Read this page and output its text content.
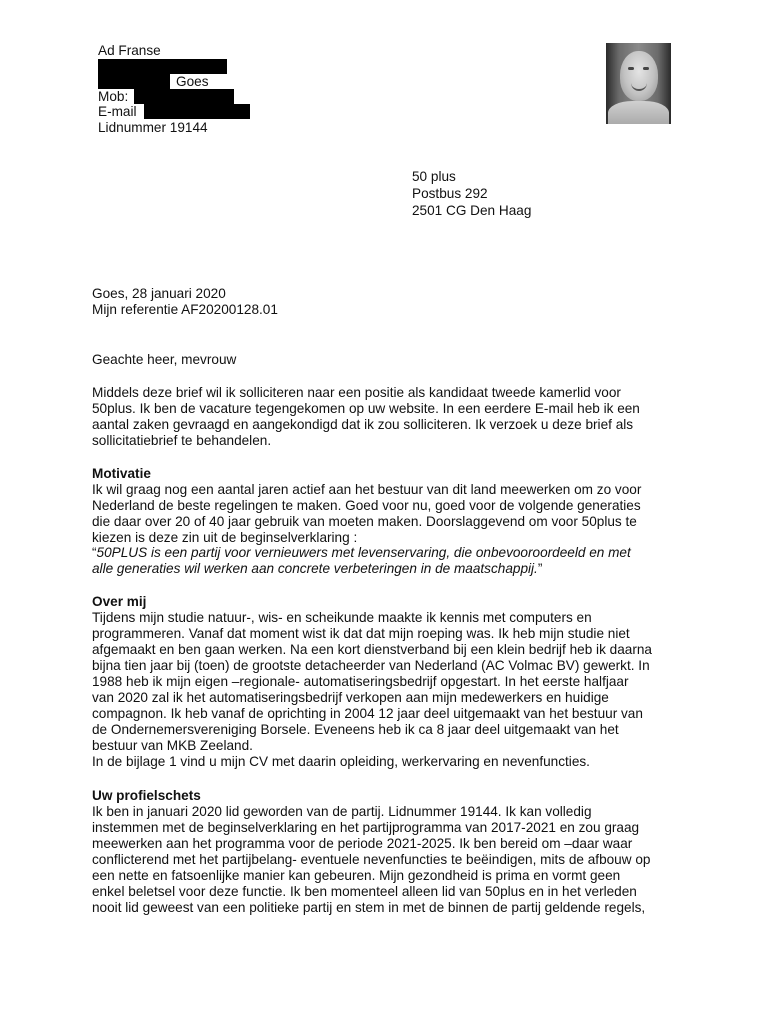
Ad Franse
Goes
Mob:
E-mail
Lidnummer 19144
50 plus
Postbus 292
2501 CG Den Haag
Goes, 28 januari 2020
Mijn referentie AF20200128.01
Geachte heer, mevrouw
Middels deze brief wil ik solliciteren naar een positie als kandidaat tweede kamerlid voor
50plus. Ik ben de vacature tegengekomen op uw website. In een eerdere E-mail heb ik een
aantal zaken gevraagd en aangekondigd dat ik zou solliciteren. Ik verzoek u deze brief als
sollicitatiebrief te behandelen.
Motivatie
Ik wil graag nog een aantal jaren actief aan het bestuur van dit land meewerken om zo voor
Nederland de beste regelingen te maken. Goed voor nu, goed voor de volgende generaties
die daar over 20 of 40 jaar gebruik van moeten maken. Doorslaggevend om voor 50plus te
kiezen is deze zin uit de beginselverklaring :
“50PLUS is een partij voor vernieuwers met levenservaring, die onbevooroordeeld en met
alle generaties wil werken aan concrete verbeteringen in de maatschappij.”
Over mij
Tijdens mijn studie natuur-, wis- en scheikunde maakte ik kennis met computers en
programmeren. Vanaf dat moment wist ik dat dat mijn roeping was. Ik heb mijn studie niet
afgemaakt en ben gaan werken. Na een kort dienstverband bij een klein bedrijf heb ik daarna
bijna tien jaar bij (toen) de grootste detacheerder van Nederland (AC Volmac BV) gewerkt. In
1988 heb ik mijn eigen –regionale- automatiseringsbedrijf opgestart. In het eerste halfjaar
van 2020 zal ik het automatiseringsbedrijf verkopen aan mijn medewerkers en huidige
compagnon. Ik heb vanaf de oprichting in 2004 12 jaar deel uitgemaakt van het bestuur van
de Ondernemersvereniging Borsele. Eveneens heb ik ca 8 jaar deel uitgemaakt van het
bestuur van MKB Zeeland.
In de bijlage 1 vind u mijn CV met daarin opleiding, werkervaring en nevenfuncties.
Uw profielschets
Ik ben in januari 2020 lid geworden van de partij. Lidnummer 19144. Ik kan volledig
instemmen met de beginselverklaring en het partijprogramma van 2017-2021 en zou graag
meewerken aan het programma voor de periode 2021-2025. Ik ben bereid om –daar waar
conflicterend met het partijbelang- eventuele nevenfuncties te beëindigen, mits de afbouw op
een nette en fatsoenlijke manier kan gebeuren. Mijn gezondheid is prima en vormt geen
enkel beletsel voor deze functie. Ik ben momenteel alleen lid van 50plus en in het verleden
nooit lid geweest van een politieke partij en stem in met de binnen de partij geldende regels,
